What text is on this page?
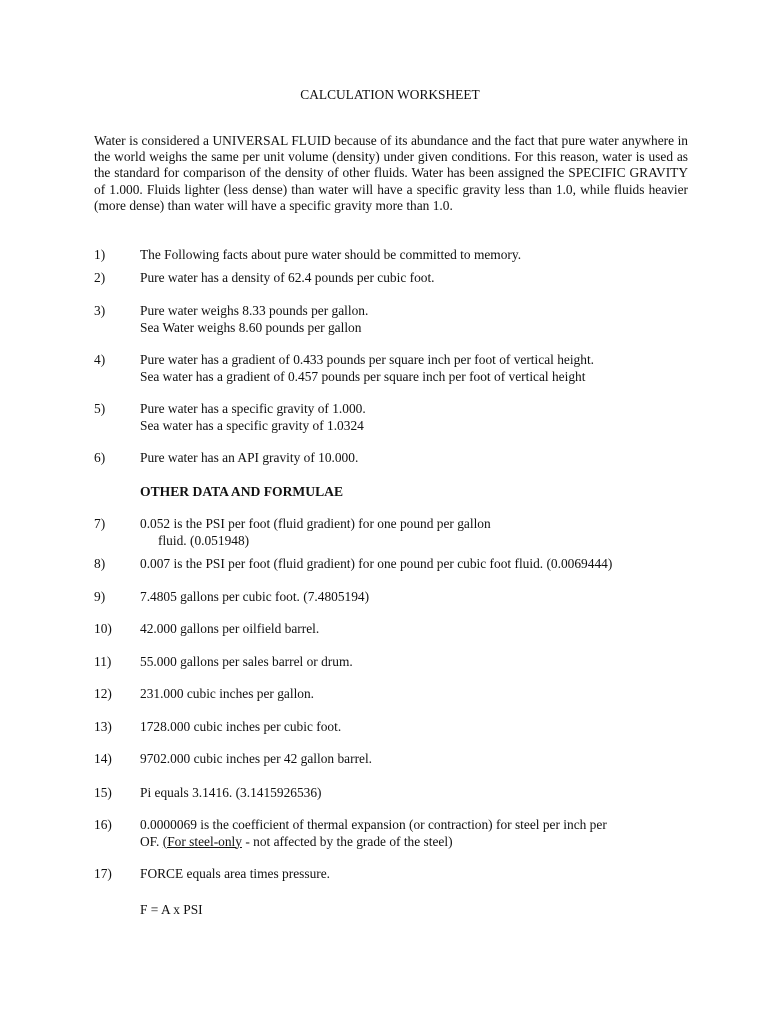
CALCULATION WORKSHEET
Water is considered a UNIVERSAL FLUID because of its abundance and the fact that pure water anywhere in the world weighs the same per unit volume (density) under given conditions. For this reason, water is used as the standard for comparison of the density of other fluids. Water has been assigned the SPECIFIC GRAVITY of 1.000. Fluids lighter (less dense) than water will have a specific gravity less than 1.0, while fluids heavier (more dense) than water will have a specific gravity more than 1.0.
1)	The Following facts about pure water should be committed to memory.
2)	Pure water has a density of 62.4 pounds per cubic foot.
3)	Pure water weighs 8.33 pounds per gallon.
Sea Water weighs 8.60 pounds per gallon
4)	Pure water has a gradient of 0.433 pounds per square inch per foot of vertical height.
Sea water has a gradient of 0.457 pounds per square inch per foot of vertical height
5)	Pure water has a specific gravity of 1.000.
Sea water has a specific gravity of 1.0324
6)	Pure water has an API gravity of 10.000.
OTHER DATA AND FORMULAE
7)	0.052 is the PSI per foot (fluid gradient) for one pound per gallon
fluid. (0.051948)
8)	0.007 is the PSI per foot (fluid gradient) for one pound per cubic foot fluid. (0.0069444)
9)	7.4805 gallons per cubic foot. (7.4805194)
10) 42.000 gallons per oilfield barrel.
11) 55.000 gallons per sales barrel or drum.
12) 231.000 cubic inches per gallon.
13) 1728.000 cubic inches per cubic foot.
14) 9702.000 cubic inches per 42 gallon barrel.
15) Pi equals 3.1416. (3.1415926536)
16) 0.0000069 is the coefficient of thermal expansion (or contraction) for steel per inch per
OF. (For steel-only - not affected by the grade of the steel)
17) FORCE equals area times pressure.
F = A x PSI
